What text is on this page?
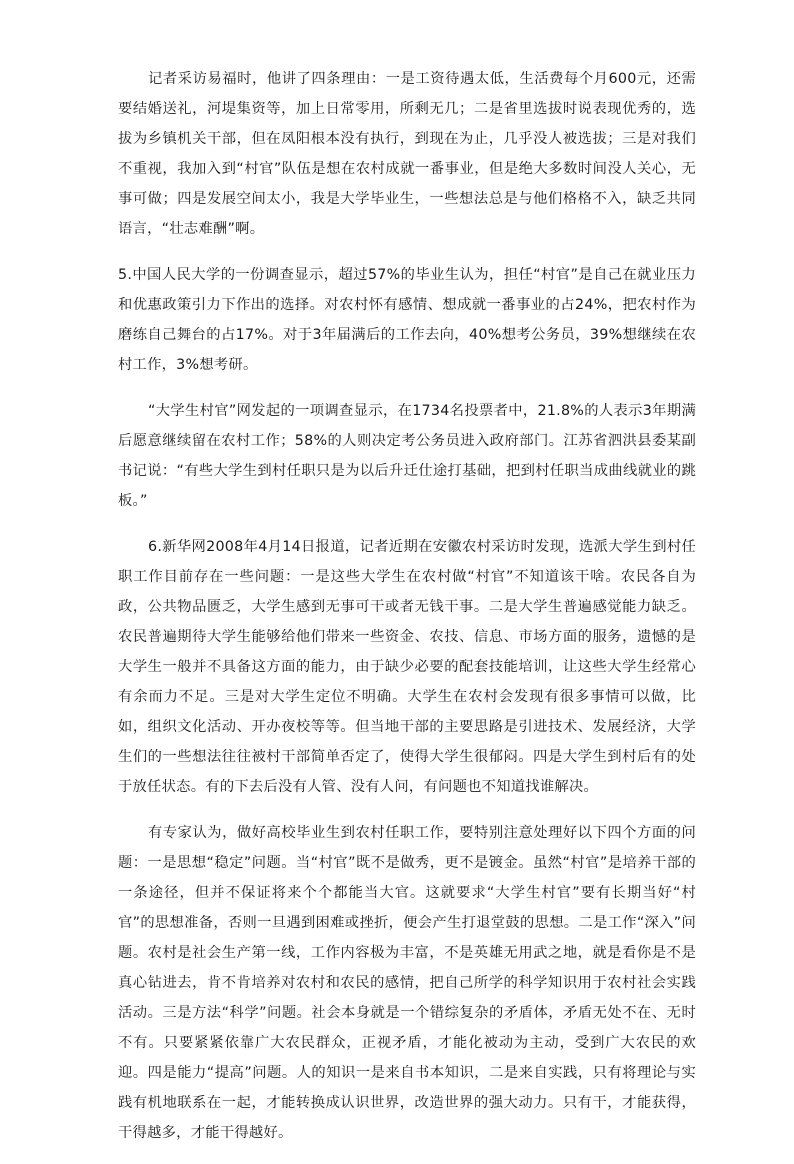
记者采访易福时，他讲了四条理由：一是工资待遇太低，生活费每个月600元，还需要结婚送礼，河堤集资等，加上日常零用，所剩无几；二是省里选拔时说表现优秀的，选拔为乡镇机关干部，但在凤阳根本没有执行，到现在为止，几乎没人被选拔；三是对我们不重视，我加入到“村官”队伍是想在农村成就一番事业，但是绝大多数时间没人关心，无事可做；四是发展空间太小，我是大学毕业生，一些想法总是与他们格格不入，缺乏共同语言，“壮志难酬”啊。

5.中国人民大学的一份调查显示，超过57%的毕业生认为，担任“村官”是自己在就业压力和优惠政策引力下作出的选择。对农村怀有感情、想成就一番事业的占24%，把农村作为磨练自己舞台的占17%。对于3年届满后的工作去向，40%想考公务员，39%想继续在农村工作，3%想考研。

“大学生村官”网发起的一项调查显示，在1734名投票者中，21.8%的人表示3年期满后愿意继续留在农村工作；58%的人则决定考公务员进入政府部门。江苏省泗洪县委某副书记说：“有些大学生到村任职只是为以后升迁仕途打基础，把到村任职当成曲线就业的跳板。”

6.新华网2008年4月14日报道，记者近期在安徽农村采访时发现，选派大学生到村任职工作目前存在一些问题：一是这些大学生在农村做“村官”不知道该干啥。农民各自为政，公共物品匮乏，大学生感到无事可干或者无钱干事。二是大学生普遍感觉能力缺乏。农民普遍期待大学生能够给他们带来一些资金、农技、信息、市场方面的服务，遗憾的是大学生一般并不具备这方面的能力，由于缺少必要的配套技能培训，让这些大学生经常心有余而力不足。三是对大学生定位不明确。大学生在农村会发现有很多事情可以做，比如，组织文化活动、开办夜校等等。但当地干部的主要思路是引进技术、发展经济，大学生们的一些想法往往被村干部简单否定了，使得大学生很郁闷。四是大学生到村后有的处于放任状态。有的下去后没有人管、没有人问，有问题也不知道找谁解决。

有专家认为，做好高校毕业生到农村任职工作，要特别注意处理好以下四个方面的问题：一是思想“稳定”问题。当“村官”既不是做秀，更不是镀金。虽然“村官”是培养干部的一条途径，但并不保证将来个个都能当大官。这就要求“大学生村官”要有长期当好“村官”的思想准备，否则一旦遇到困难或挫折，便会产生打退堂鼓的思想。二是工作“深入”问题。农村是社会生产第一线，工作内容极为丰富，不是英雄无用武之地，就是看你是不是真心钻进去，肯不肯培养对农村和农民的感情，把自己所学的科学知识用于农村社会实践活动。三是方法“科学”问题。社会本身就是一个错综复杂的矛盾体，矛盾无处不在、无时不有。只要紧紧依靠广大农民群众，正视矛盾，才能化被动为主动，受到广大农民的欢迎。四是能力“提高”问题。人的知识一是来自书本知识，二是来自实践，只有将理论与实践有机地联系在一起，才能转换成认识世界，改造世界的强大动力。只有干，才能获得，干得越多，才能干得越好。
